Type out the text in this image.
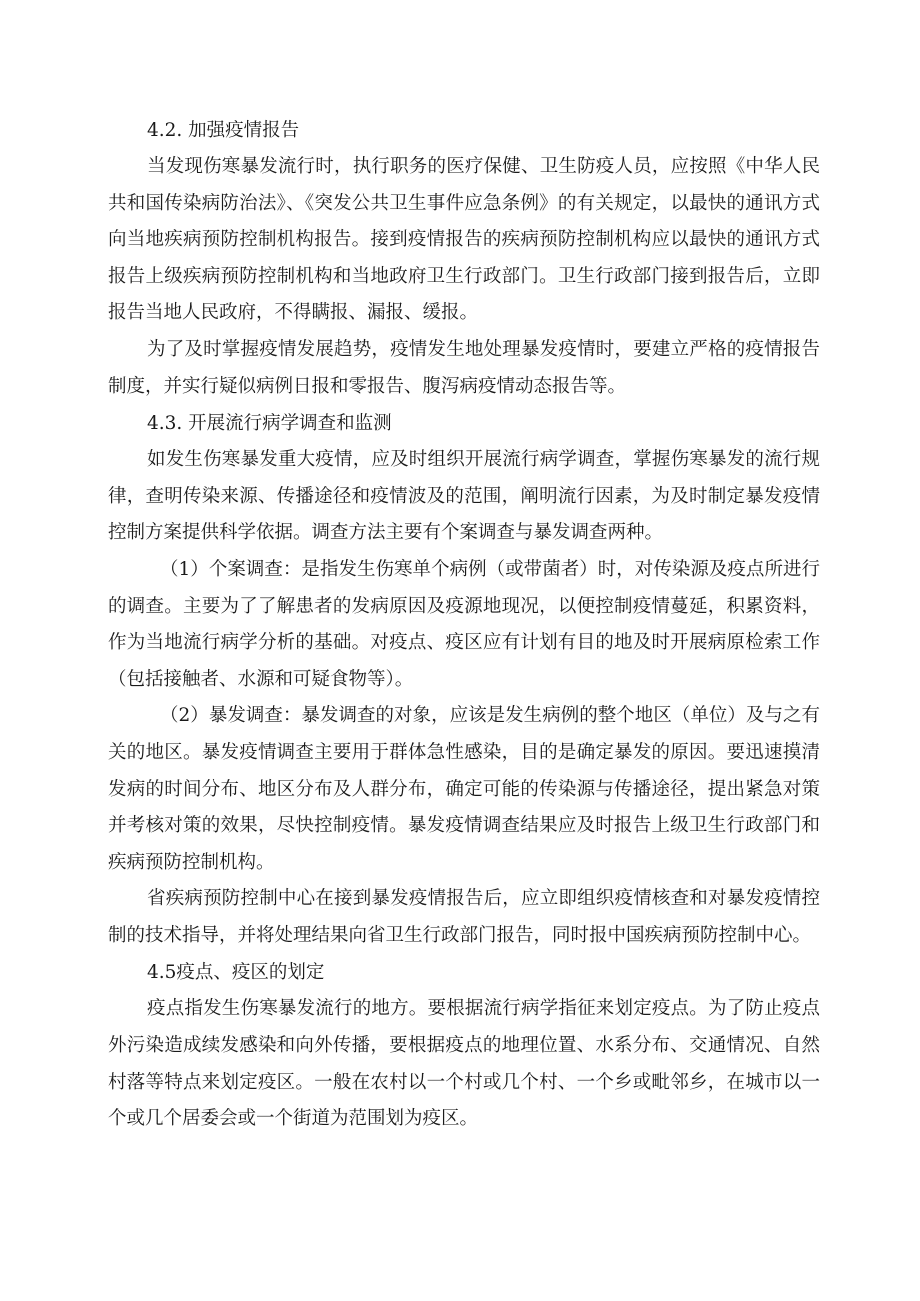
4.2. 加强疫情报告

当发现伤寒暴发流行时，执行职务的医疗保健、卫生防疫人员，应按照《中华人民共和国传染病防治法》、《突发公共卫生事件应急条例》的有关规定，以最快的通讯方式向当地疾病预防控制机构报告。接到疫情报告的疾病预防控制机构应以最快的通讯方式报告上级疾病预防控制机构和当地政府卫生行政部门。卫生行政部门接到报告后，立即报告当地人民政府，不得瞒报、漏报、缓报。

为了及时掌握疫情发展趋势，疫情发生地处理暴发疫情时，要建立严格的疫情报告制度，并实行疑似病例日报和零报告、腹泻病疫情动态报告等。

4.3. 开展流行病学调查和监测

如发生伤寒暴发重大疫情，应及时组织开展流行病学调查，掌握伤寒暴发的流行规律，查明传染来源、传播途径和疫情波及的范围，阐明流行因素，为及时制定暴发疫情控制方案提供科学依据。调查方法主要有个案调查与暴发调查两种。

（1）个案调查：是指发生伤寒单个病例（或带菌者）时，对传染源及疫点所进行的调查。主要为了了解患者的发病原因及疫源地现况，以便控制疫情蔓延，积累资料，作为当地流行病学分析的基础。对疫点、疫区应有计划有目的地及时开展病原检索工作（包括接触者、水源和可疑食物等）。

（2）暴发调查：暴发调查的对象，应该是发生病例的整个地区（单位）及与之有关的地区。暴发疫情调查主要用于群体急性感染，目的是确定暴发的原因。要迅速摸清发病的时间分布、地区分布及人群分布，确定可能的传染源与传播途径，提出紧急对策并考核对策的效果，尽快控制疫情。暴发疫情调查结果应及时报告上级卫生行政部门和疾病预防控制机构。

省疾病预防控制中心在接到暴发疫情报告后，应立即组织疫情核查和对暴发疫情控制的技术指导，并将处理结果向省卫生行政部门报告，同时报中国疾病预防控制中心。

4.5疫点、疫区的划定

疫点指发生伤寒暴发流行的地方。要根据流行病学指征来划定疫点。为了防止疫点外污染造成续发感染和向外传播，要根据疫点的地理位置、水系分布、交通情况、自然村落等特点来划定疫区。一般在农村以一个村或几个村、一个乡或毗邻乡，在城市以一个或几个居委会或一个街道为范围划为疫区。
